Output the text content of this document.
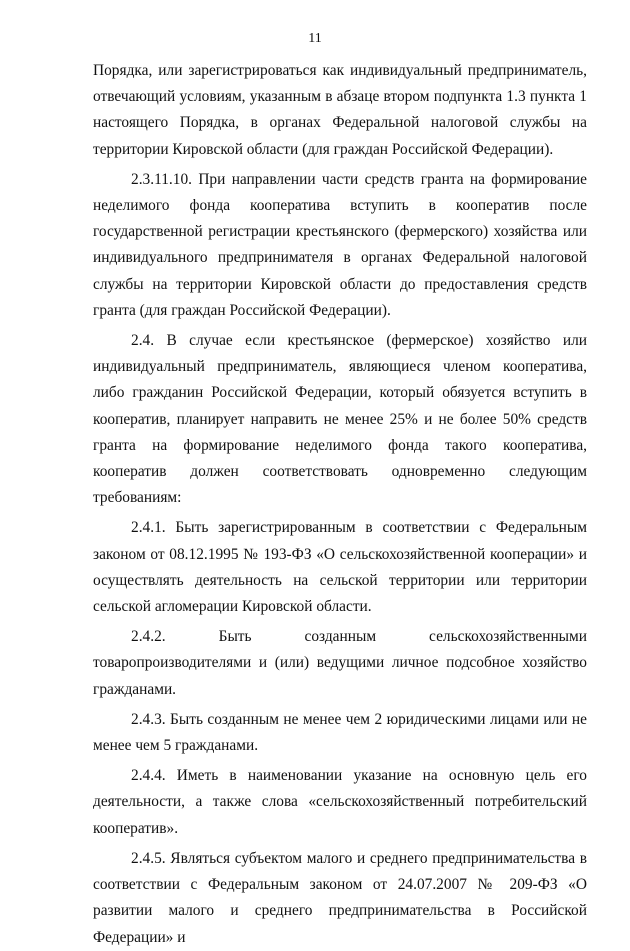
11

Порядка, или зарегистрироваться как индивидуальный предприниматель, отвечающий условиям, указанным в абзаце втором подпункта 1.3 пункта 1 настоящего Порядка, в органах Федеральной налоговой службы на территории Кировской области (для граждан Российской Федерации).

2.3.11.10. При направлении части средств гранта на формирование неделимого фонда кооператива вступить в кооператив после государственной регистрации крестьянского (фермерского) хозяйства или индивидуального предпринимателя в органах Федеральной налоговой службы на территории Кировской области до предоставления средств гранта (для граждан Российской Федерации).

2.4. В случае если крестьянское (фермерское) хозяйство или индивидуальный предприниматель, являющиеся членом кооператива, либо гражданин Российской Федерации, который обязуется вступить в кооператив, планирует направить не менее 25% и не более 50% средств гранта на формирование неделимого фонда такого кооператива, кооператив должен соответствовать одновременно следующим требованиям:

2.4.1. Быть зарегистрированным в соответствии с Федеральным законом от 08.12.1995 № 193-ФЗ «О сельскохозяйственной кооперации» и осуществлять деятельность на сельской территории или территории сельской агломерации Кировской области.

2.4.2. Быть созданным сельскохозяйственными товаропроизводителями и (или) ведущими личное подсобное хозяйство гражданами.

2.4.3. Быть созданным не менее чем 2 юридическими лицами или не менее чем 5 гражданами.

2.4.4. Иметь в наименовании указание на основную цель его деятельности, а также слова «сельскохозяйственный потребительский кооператив».

2.4.5. Являться субъектом малого и среднего предпринимательства в соответствии с Федеральным законом от 24.07.2007 № 209-ФЗ «О развитии малого и среднего предпринимательства в Российской Федерации» и
